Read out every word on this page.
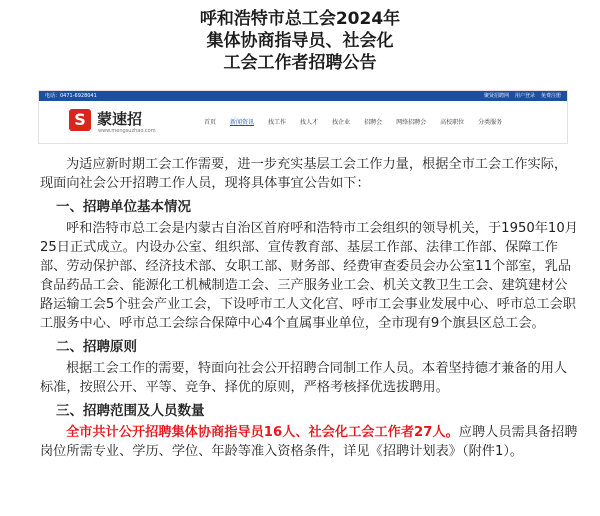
呼和浩特市总工会2024年
集体协商指导员、社会化
工会工作者招聘公告
电话：0471-6928041	聚贤招聘网 用户登录 免费注册
S 蒙速招
www.mengsuzhao.com
首页 新闻资讯 找工作 找人才 找企业 招聘会 网络招聘会 高校职位 分类服务

为适应新时期工会工作需要，进一步充实基层工会工作力量，根据全市工会工作实际，现面向社会公开招聘工作人员，现将具体事宜公告如下：

一、招聘单位基本情况

呼和浩特市总工会是内蒙古自治区首府呼和浩特市工会组织的领导机关，于1950年10月25日正式成立。内设办公室、组织部、宣传教育部、基层工作部、法律工作部、保障工作部、劳动保护部、经济技术部、女职工部、财务部、经费审查委员会办公室11个部室，乳品食品药品工会、能源化工机械制造工会、三产服务业工会、机关文教卫生工会、建筑建材公路运输工会5个驻会产业工会，下设呼市工人文化宫、呼市工会事业发展中心、呼市总工会职工服务中心、呼市总工会综合保障中心4个直属事业单位，全市现有9个旗县区总工会。

二、招聘原则

根据工会工作的需要，特面向社会公开招聘合同制工作人员。本着坚持德才兼备的用人标准，按照公开、平等、竞争、择优的原则，严格考核择优选拔聘用。

三、招聘范围及人员数量

全市共计公开招聘集体协商指导员16人、社会化工会工作者27人。应聘人员需具备招聘岗位所需专业、学历、学位、年龄等准入资格条件，详见《招聘计划表》（附件1）。
